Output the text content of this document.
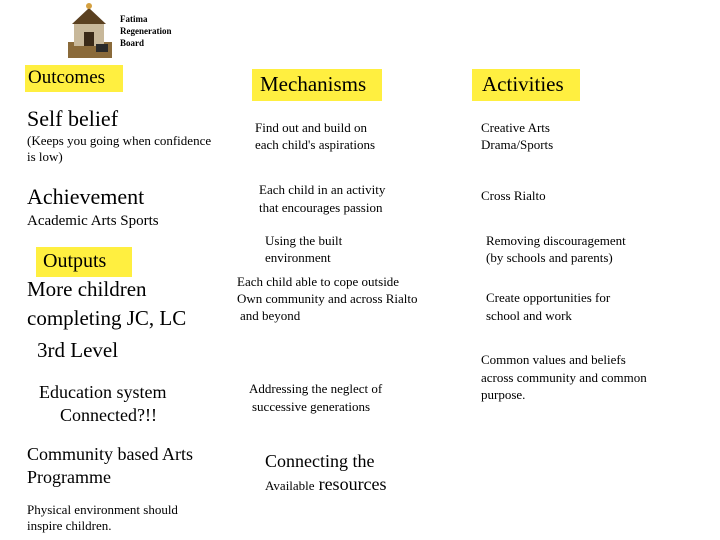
Fatima
Regeneration
Board
Outcomes	Mechanisms	Activities
Self belief
(Keeps you going when confidence
is low)
Achievement
Academic Arts Sports
Outputs
More children
completing JC, LC
3rd Level
Education system
Connected?!!
Community based Arts
Programme
Physical environment should
inspire children.
Find out and build on
each child's aspirations
Each child in an activity
that encourages passion
Using the built
environment
Each child able to cope outside
Own community and across Rialto
and beyond
Addressing the neglect of
successive generations
Connecting the
Available resources
Creative Arts
Drama/Sports
Cross Rialto
Removing discouragement
(by schools and parents)
Create opportunities for
school and work
Common values and beliefs
across community and common
purpose.
